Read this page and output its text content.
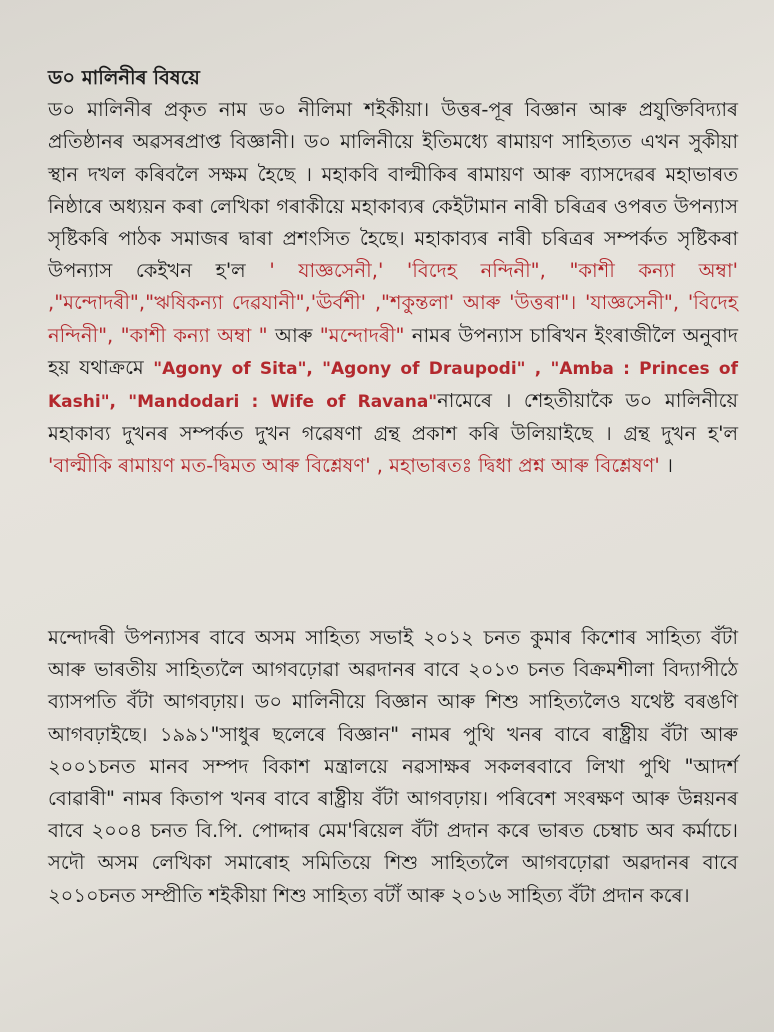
ড০ মালিনীৰ বিষয়ে
ড০ মালিনীৰ প্ৰকৃত নাম ড০ নীলিমা শইকীয়া। উত্তৰ-পূৰ বিজ্ঞান আৰু প্ৰযুক্তিবিদ্যাৰ প্ৰতিষ্ঠানৰ অৱসৰপ্ৰাপ্ত বিজ্ঞানী। ড০ মালিনীয়ে ইতিমধ্যে ৰামায়ণ সাহিত্যত এখন সুকীয়া স্থান দখল কৰিবলৈ সক্ষম হৈছে । মহাকবি বাল্মীকিৰ ৰামায়ণ আৰু ব্যাসদেৱৰ মহাভাৰত নিষ্ঠাৰে অধ্যয়ন কৰা লেখিকা গৰাকীয়ে মহাকাব্যৰ কেইটামান নাৰী চৰিত্ৰৰ ওপৰত উপন্যাস সৃষ্টিকৰি পাঠক সমাজৰ দ্বাৰা প্ৰশংসিত হৈছে। মহাকাব্যৰ নাৰী চৰিত্ৰৰ সম্পৰ্কত সৃষ্টিকৰা উপন্যাস কেইখন হ'ল ' যাজ্ঞসেনী,' 'বিদেহ নন্দিনী", "কাশী কন্যা অম্বা' ,"মন্দোদৰী","ঋষিকন্যা দেৱযানী",'ঊৰ্বশী' ,"শকুন্তলা' আৰু 'উত্তৰা"। 'যাজ্ঞসেনী", 'বিদেহ নন্দিনী", "কাশী কন্যা অম্বা " আৰু "মন্দোদৰী" নামৰ উপন্যাস চাৰিখন ইংৰাজীলৈ অনুবাদ হয় যথাক্ৰমে "Agony of Sita", "Agony of Draupodi" , "Amba : Princes of Kashi", "Mandodari : Wife of Ravana"নামেৰে । শেহতীয়াকৈ ড০ মালিনীয়ে মহাকাব্য দুখনৰ সম্পৰ্কত দুখন গৱেষণা গ্ৰন্থ প্ৰকাশ কৰি উলিয়াইছে । গ্ৰন্থ দুখন হ'ল 'বাল্মীকি ৰামায়ণ মত-দ্বিমত আৰু বিশ্লেষণ' , মহাভাৰতঃ দ্বিধা প্ৰশ্ন আৰু বিশ্লেষণ' ।
মন্দোদৰী উপন্যাসৰ বাবে অসম সাহিত্য সভাই ২০১২ চনত কুমাৰ কিশোৰ সাহিত্য বঁটা আৰু ভাৰতীয় সাহিত্যলৈ আগবঢ়োৱা অৱদানৰ বাবে ২০১৩ চনত বিক্ৰমশীলা বিদ্যাপীঠে ব্যাসপতি বঁটা আগবঢ়ায়। ড০ মালিনীয়ে বিজ্ঞান আৰু শিশু সাহিত্যলৈও যথেষ্ট বৰঙণি আগবঢ়াইছে। ১৯৯১"সাধুৰ ছলেৰে বিজ্ঞান" নামৰ পুথি খনৰ বাবে ৰাষ্ট্ৰীয় বঁটা আৰু ২০০১চনত মানব সম্পদ বিকাশ মন্ত্ৰালয়ে নৱসাক্ষৰ সকলৰবাবে লিখা পুথি "আদৰ্শ বোৱাৰী" নামৰ কিতাপ খনৰ বাবে ৰাষ্ট্ৰীয় বঁটা আগবঢ়ায়। পৰিবেশ সংৰক্ষণ আৰু উন্নয়নৰ বাবে ২০০৪ চনত বি.পি. পোদ্দাৰ মেম'ৰিয়েল বঁটা প্ৰদান কৰে ভাৰত চেম্বাচ অব কৰ্মাচে। সদৌ অসম লেখিকা সমাৰোহ সমিতিয়ে শিশু সাহিত্যলৈ আগবঢ়োৱা অৱদানৰ বাবে ২০১০চনত সম্প্ৰীতি শইকীয়া শিশু সাহিত্য বটাঁ আৰু ২০১৬ সাহিত্য বঁটা প্ৰদান কৰে।
